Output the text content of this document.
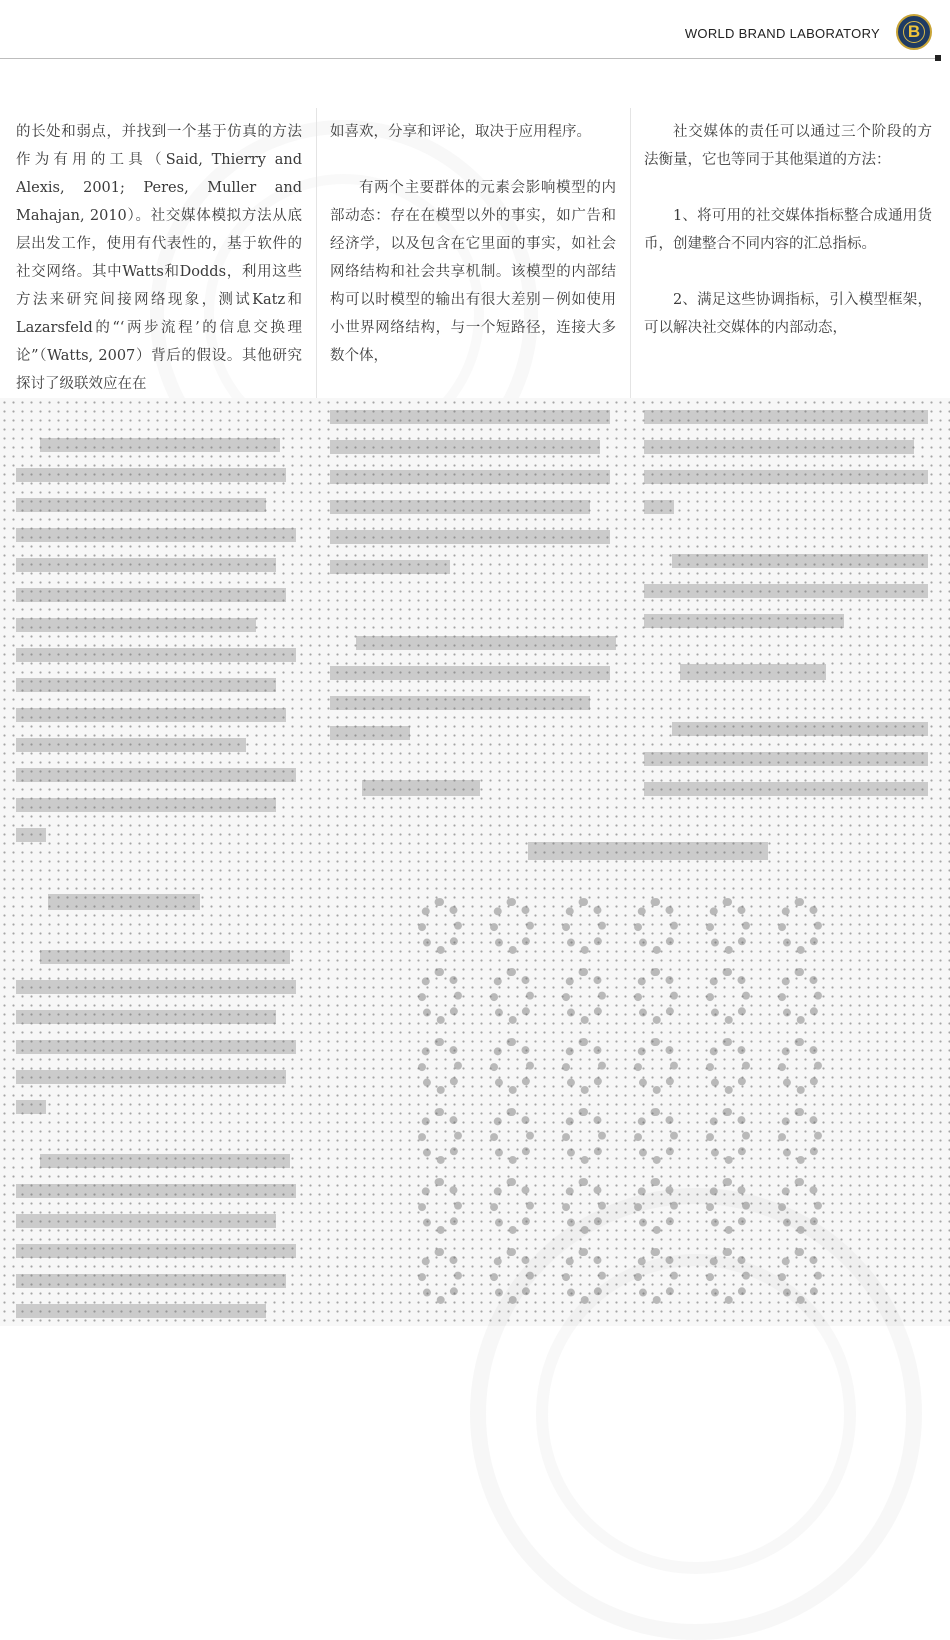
WORLD BRAND LABORATORY
B

的长处和弱点，并找到一个基于仿真的方法作为有用的工具（Said, Thierry and Alexis, 2001; Peres, Muller and Mahajan, 2010）。社交媒体模拟方法从底层出发工作，使用有代表性的，基于软件的社交网络。其中Watts和Dodds，利用这些方法来研究间接网络现象，测试Katz和Lazarsfeld的“‘两步流程’的信息交换理论”（Watts, 2007）背后的假设。其他研究探讨了级联效应在在

如喜欢，分享和评论，取决于应用程序。

有两个主要群体的元素会影响模型的内部动态：存在在模型以外的事实，如广告和经济学，以及包含在它里面的事实，如社会网络结构和社会共享机制。该模型的内部结构可以时模型的输出有很大差别－例如使用小世界网络结构，与一个短路径，连接大多数个体，

社交媒体的责任可以通过三个阶段的方法衡量，它也等同于其他渠道的方法：

1、将可用的社交媒体指标整合成通用货币，创建整合不同内容的汇总指标。

2、满足这些协调指标，引入模型框架，可以解决社交媒体的内部动态，
